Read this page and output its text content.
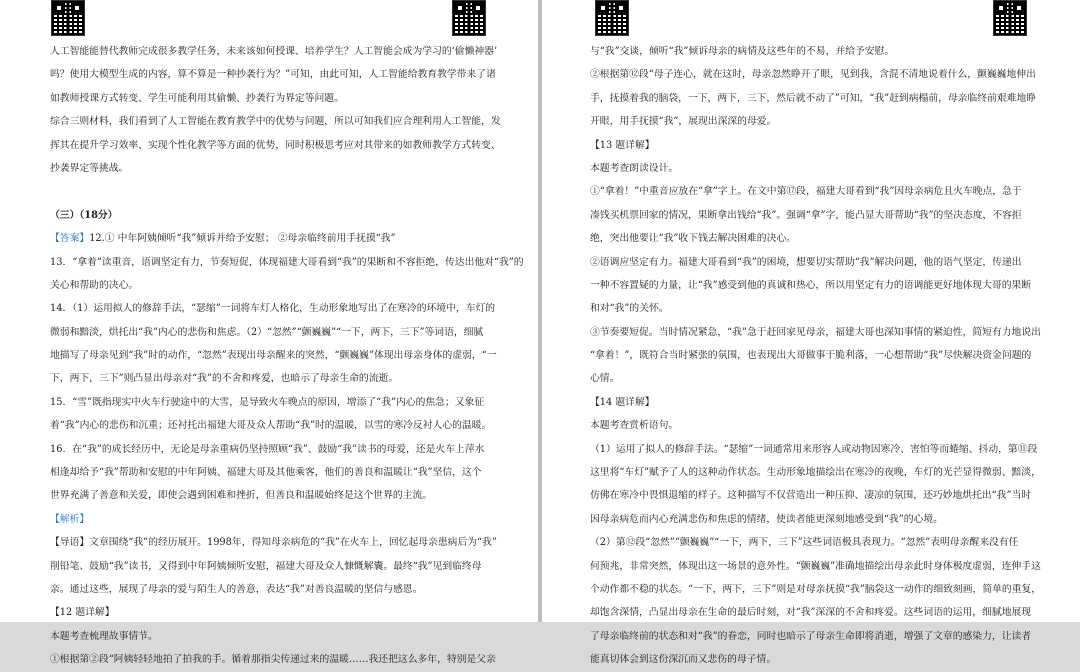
人工智能能替代教师完成很多教学任务，未来该如何授课、培养学生？人工智能会成为学习的‘偷懒神器’
吗？使用大模型生成的内容，算不算是一种抄袭行为？”可知，由此可知，人工智能给教育教学带来了诸
如教师授课方式转变、学生可能利用其偷懒、抄袭行为界定等问题。
综合三则材料，我们看到了人工智能在教育教学中的优势与问题，所以可知我们应合理利用人工智能，发
挥其在提升学习效率、实现个性化教学等方面的优势，同时积极思考应对其带来的如教师教学方式转变、
抄袭界定等挑战。
（三）（18分）
【答案】12.① 中年阿姨倾听“我”倾诉并给予安慰； ②母亲临终前用手抚摸“我”
13．“拿着”读重音，语调坚定有力，节奏短促，体现福建大哥看到“我”的果断和不容拒绝，传达出他对“我”的
关心和帮助的决心。
14．（1）运用拟人的修辞手法，“瑟缩”一词将车灯人格化，生动形象地写出了在寒冷的环境中，车灯的
微弱和黯淡，烘托出“我”内心的悲伤和焦虑。（2）“忽然”“颤巍巍”“一下，两下，三下”等词语，细腻
地描写了母亲见到“我”时的动作，“忽然”表现出母亲醒来的突然，“颤巍巍”体现出母亲身体的虚弱，“一
下，两下，三下”则凸显出母亲对“我”的不舍和疼爱，也暗示了母亲生命的流逝。
15．“雪”既指现实中火车行驶途中的大雪，是导致火车晚点的原因，增添了“我”内心的焦急；又象征
着“我”内心的悲伤和沉重；还衬托出福建大哥及众人帮助“我”时的温暖，以雪的寒冷反衬人心的温暖。
16．在“我”的成长经历中，无论是母亲重病仍坚持照顾“我”、鼓励“我”读书的母爱，还是火车上萍水
相逢却给予“我”帮助和安慰的中年阿姨、福建大哥及其他乘客，他们的善良和温暖让“我”坚信，这个
世界充满了善意和关爱，即使会遇到困难和挫折，但善良和温暖始终是这个世界的主流。
【解析】
【导语】文章围绕“我”的经历展开。1998年，得知母亲病危的“我”在火车上，回忆起母亲患病后为“我”
削铅笔、鼓励“我”读书，又得到中年阿姨倾听安慰，福建大哥及众人慷慨解囊。最终“我”见到临终母
亲。通过这些，展现了母亲的爱与陌生人的善意，表达“我”对善良温暖的坚信与感恩。
【12 题详解】
本题考查梳理故事情节。
①根据第②段“阿姨轻轻地拍了拍我的手。循着那指尖传递过来的温暖……我还把这么多年，特别是父亲
与“我”交谈，倾听“我”倾诉母亲的病情及这些年的不易，并给予安慰。
②根据第⑫段“母子连心，就在这时，母亲忽然睁开了眼，见到我，含混不清地说着什么，颤巍巍地伸出
手，抚摸着我的脑袋，一下，两下，三下，然后就不动了”可知，“我”赶到病榻前，母亲临终前艰难地睁
开眼，用手抚摸“我”，展现出深深的母爱。
【13 题详解】
本题考查朗读设计。
①“拿着！”中重音应放在“拿”字上。在文中第⑰段，福建大哥看到“我”因母亲病危且火车晚点，急于
凑钱买机票回家的情况，果断拿出钱给“我”。强调“拿”字，能凸显大哥帮助“我”的坚决态度，不容拒
绝，突出他要让“我”收下钱去解决困难的决心。
②语调应坚定有力。福建大哥看到“我”的困境，想要切实帮助“我”解决问题，他的语气坚定，传递出
一种不容置疑的力量，让“我”感受到他的真诚和热心，所以用坚定有力的语调能更好地体现大哥的果断
和对“我”的关怀。
③节奏要短促。当时情况紧急，“我”急于赶回家见母亲，福建大哥也深知事情的紧迫性，简短有力地说出
“拿着！”，既符合当时紧张的氛围，也表现出大哥做事干脆利落，一心想帮助“我”尽快解决资金问题的
心情。
【14 题详解】
本题考查赏析语句。
（1）运用了拟人的修辞手法。“瑟缩”一词通常用来形容人或动物因寒冷、害怕等而蜷缩、抖动，第⑪段
这里将“车灯”赋予了人的这种动作状态。生动形象地描绘出在寒冷的夜晚，车灯的光芒显得微弱、黯淡，
仿佛在寒冷中畏惧退缩的样子。这种描写不仅营造出一种压抑、凄凉的氛围，还巧妙地烘托出“我”当时
因母亲病危而内心充满悲伤和焦虑的情绪，使读者能更深刻地感受到“我”的心境。
（2）第⑫段“忽然”“颤巍巍”“一下，两下，三下”这些词语极具表现力。“忽然”表明母亲醒来没有任
何预兆，非常突然，体现出这一场景的意外性。“颤巍巍”准确地描绘出母亲此时身体极度虚弱，连伸手这
个动作都不稳的状态。“一下，两下，三下”则是对母亲抚摸“我”脑袋这一动作的细致刻画，简单的重复，
却饱含深情，凸显出母亲在生命的最后时刻，对“我”深深的不舍和疼爱。这些词语的运用，细腻地展现
了母亲临终前的状态和对“我”的眷恋，同时也暗示了母亲生命即将消逝，增强了文章的感染力，让读者
能真切体会到这份深沉而又悲伤的母子情。
